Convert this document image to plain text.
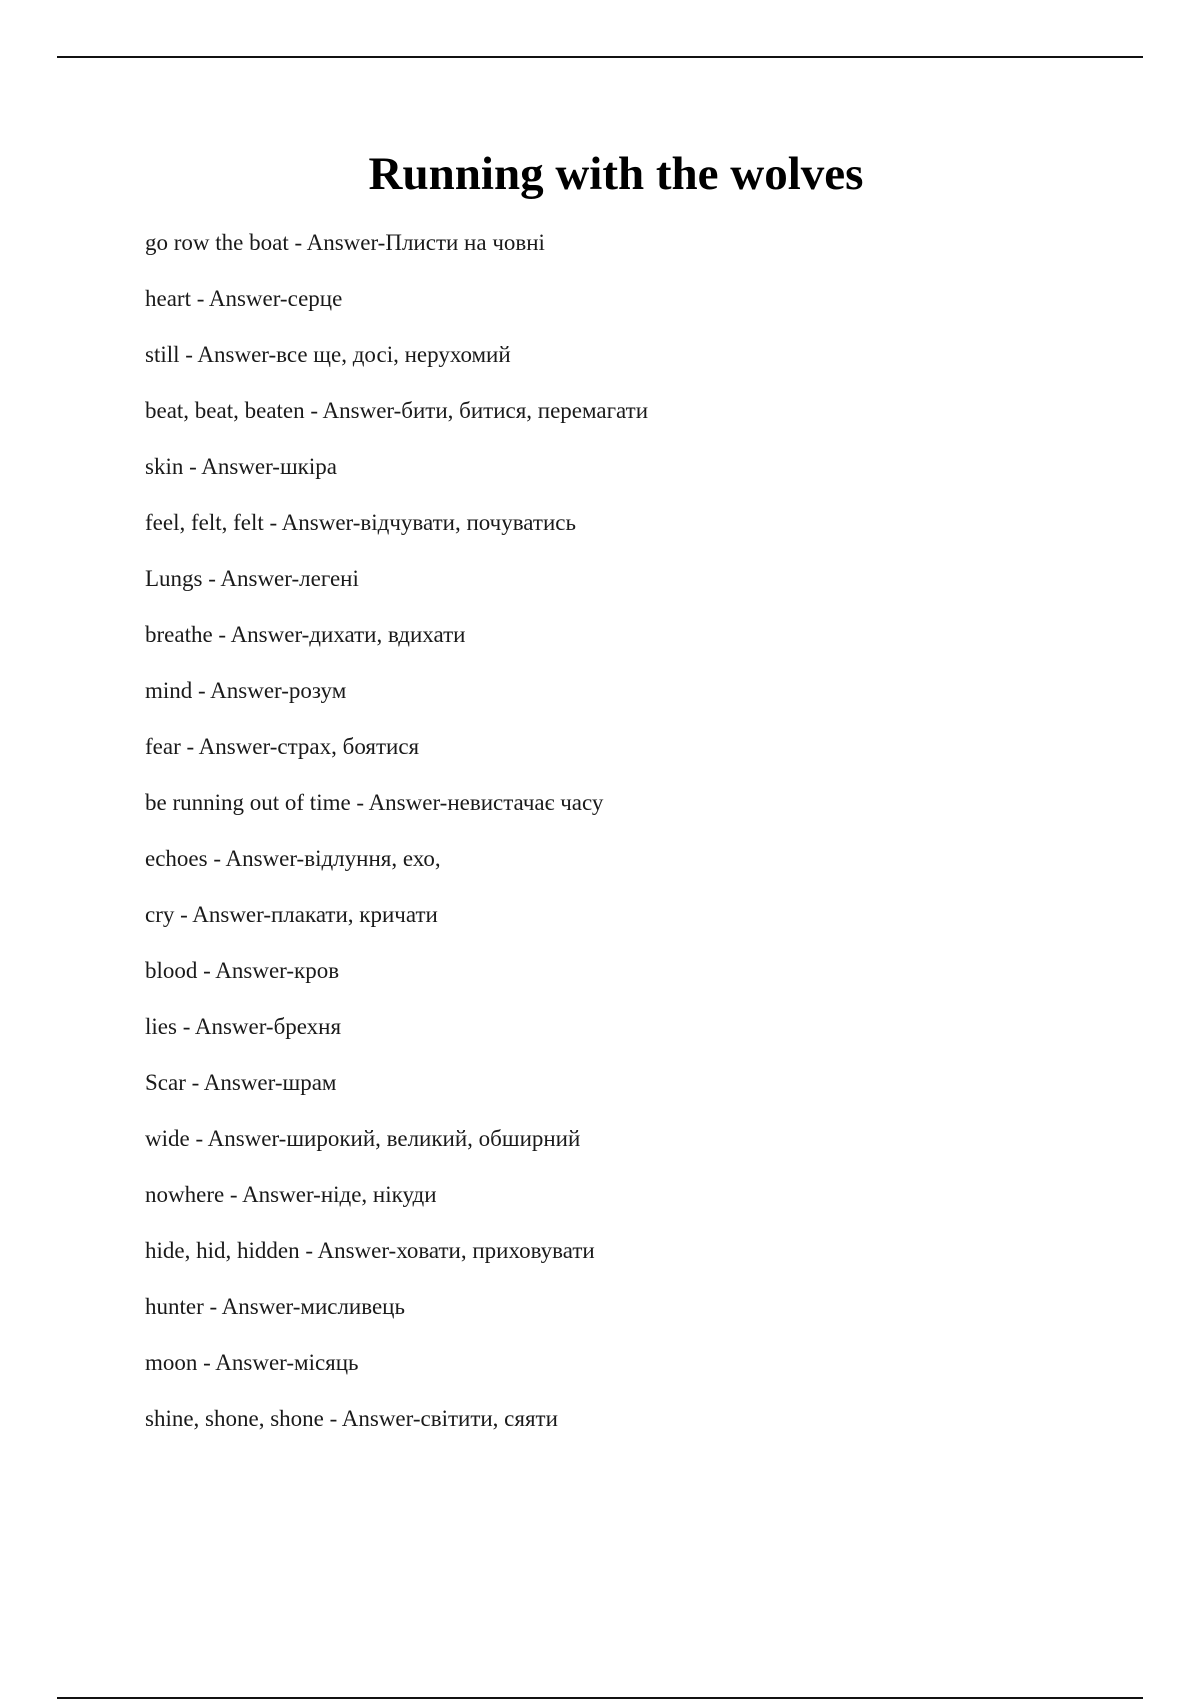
Running with the wolves
go row the boat - Answer-Плисти на човні
heart - Answer-серце
still - Answer-все ще, досі, нерухомий
beat, beat, beaten - Answer-бити, битися, перемагати
skin - Answer-шкіра
feel, felt, felt - Answer-відчувати, почуватись
Lungs - Answer-легені
breathe - Answer-дихати, вдихати
mind - Answer-розум
fear - Answer-страх, боятися
be running out of time - Answer-невистачає часу
echoes - Answer-відлуння, ехо,
cry - Answer-плакати, кричати
blood - Answer-кров
lies - Answer-брехня
Scar - Answer-шрам
wide - Answer-широкий, великий, обширний
nowhere - Answer-ніде, нікуди
hide, hid, hidden - Answer-ховати, приховувати
hunter - Answer-мисливець
moon - Answer-місяць
shine, shone, shone - Answer-світити, сяяти
